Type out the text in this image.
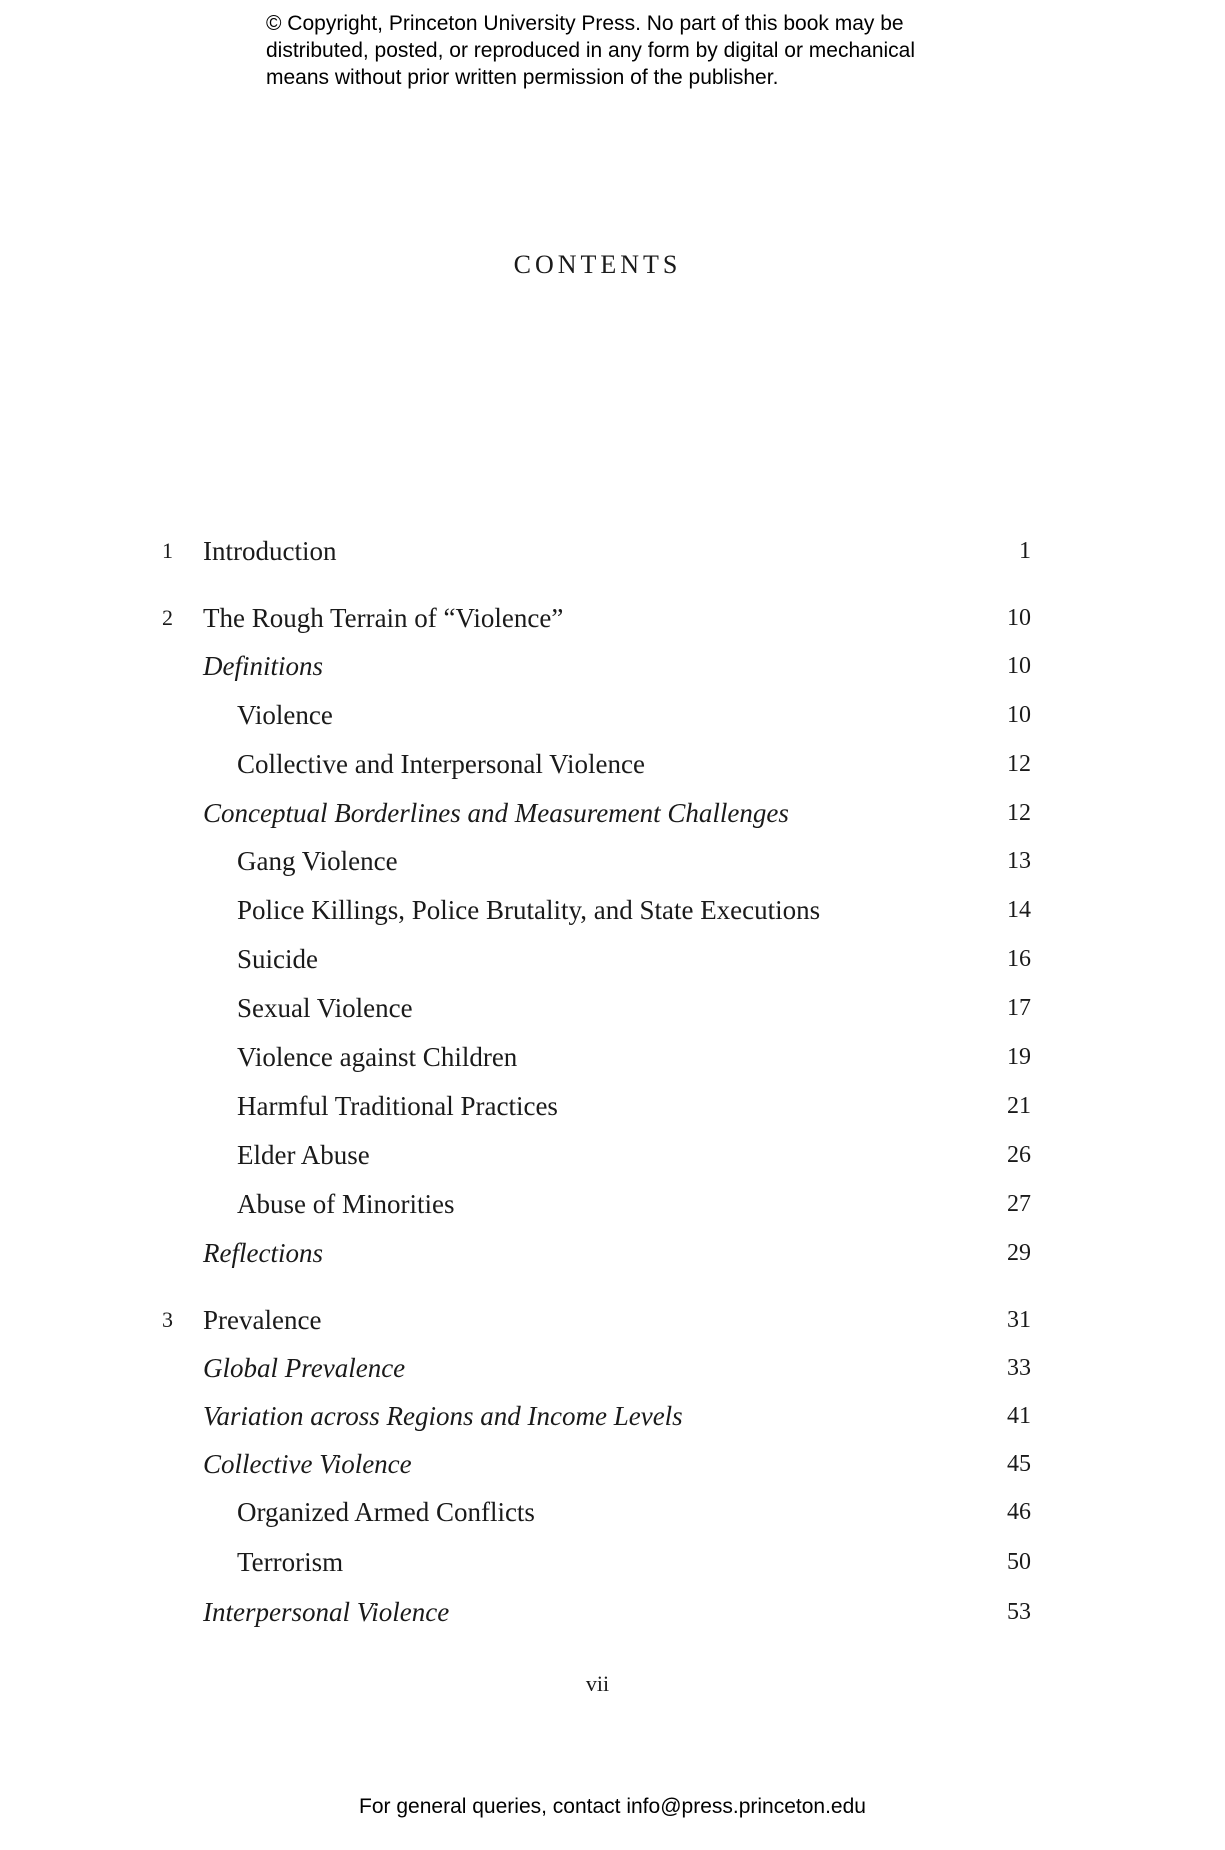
© Copyright, Princeton University Press. No part of this book may be
distributed, posted, or reproduced in any form by digital or mechanical
means without prior written permission of the publisher.
CONTENTS
1	Introduction	1
2	The Rough Terrain of “Violence”	10
Definitions	10
Violence	10
Collective and Interpersonal Violence	12
Conceptual Borderlines and Measurement Challenges	12
Gang Violence	13
Police Killings, Police Brutality, and State Executions	14
Suicide	16
Sexual Violence	17
Violence against Children	19
Harmful Traditional Practices	21
Elder Abuse	26
Abuse of Minorities	27
Reflections	29
3	Prevalence	31
Global Prevalence	33
Variation across Regions and Income Levels	41
Collective Violence	45
Organized Armed Conflicts	46
Terrorism	50
Interpersonal Violence	53
vii
For general queries, contact info@press.princeton.edu
